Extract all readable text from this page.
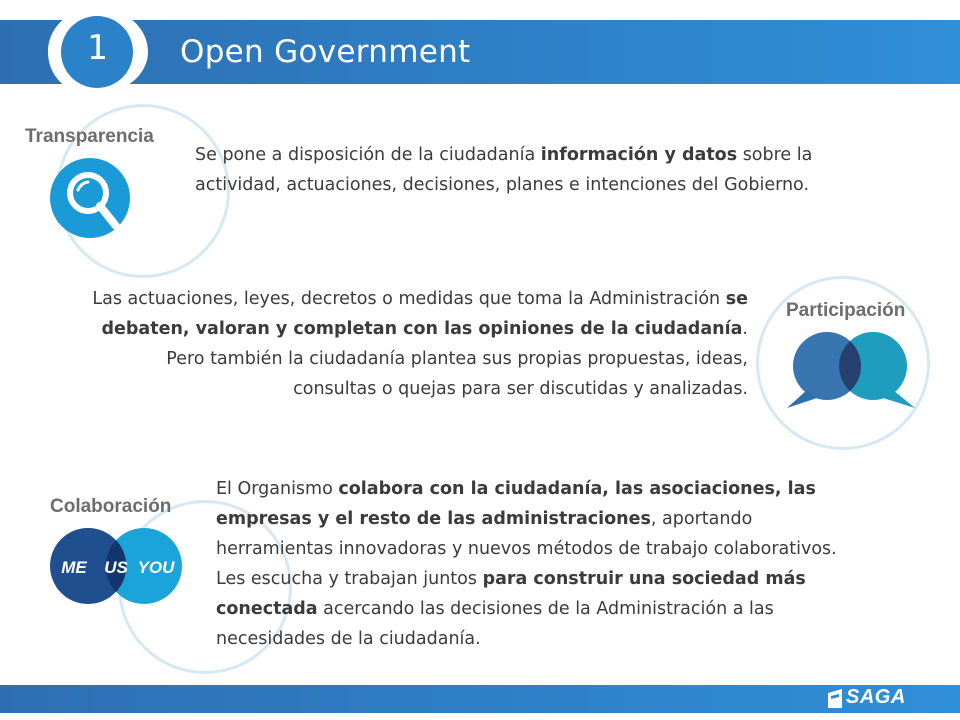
1	Open Government
Transparencia
Se pone a disposición de la ciudadanía información y datos sobre la actividad, actuaciones, decisiones, planes e intenciones del Gobierno.
Participación
Las actuaciones, leyes, decretos o medidas que toma la Administración se debaten, valoran y completan con las opiniones de la ciudadanía. Pero también la ciudadanía plantea sus propias propuestas, ideas, consultas o quejas para ser discutidas y analizadas.
Colaboración
ME US YOU
El Organismo colabora con la ciudadanía, las asociaciones, las empresas y el resto de las administraciones, aportando herramientas innovadoras y nuevos métodos de trabajo colaborativos. Les escucha y trabajan juntos para construir una sociedad más conectada acercando las decisiones de la Administración a las necesidades de la ciudadanía.
SAGA
